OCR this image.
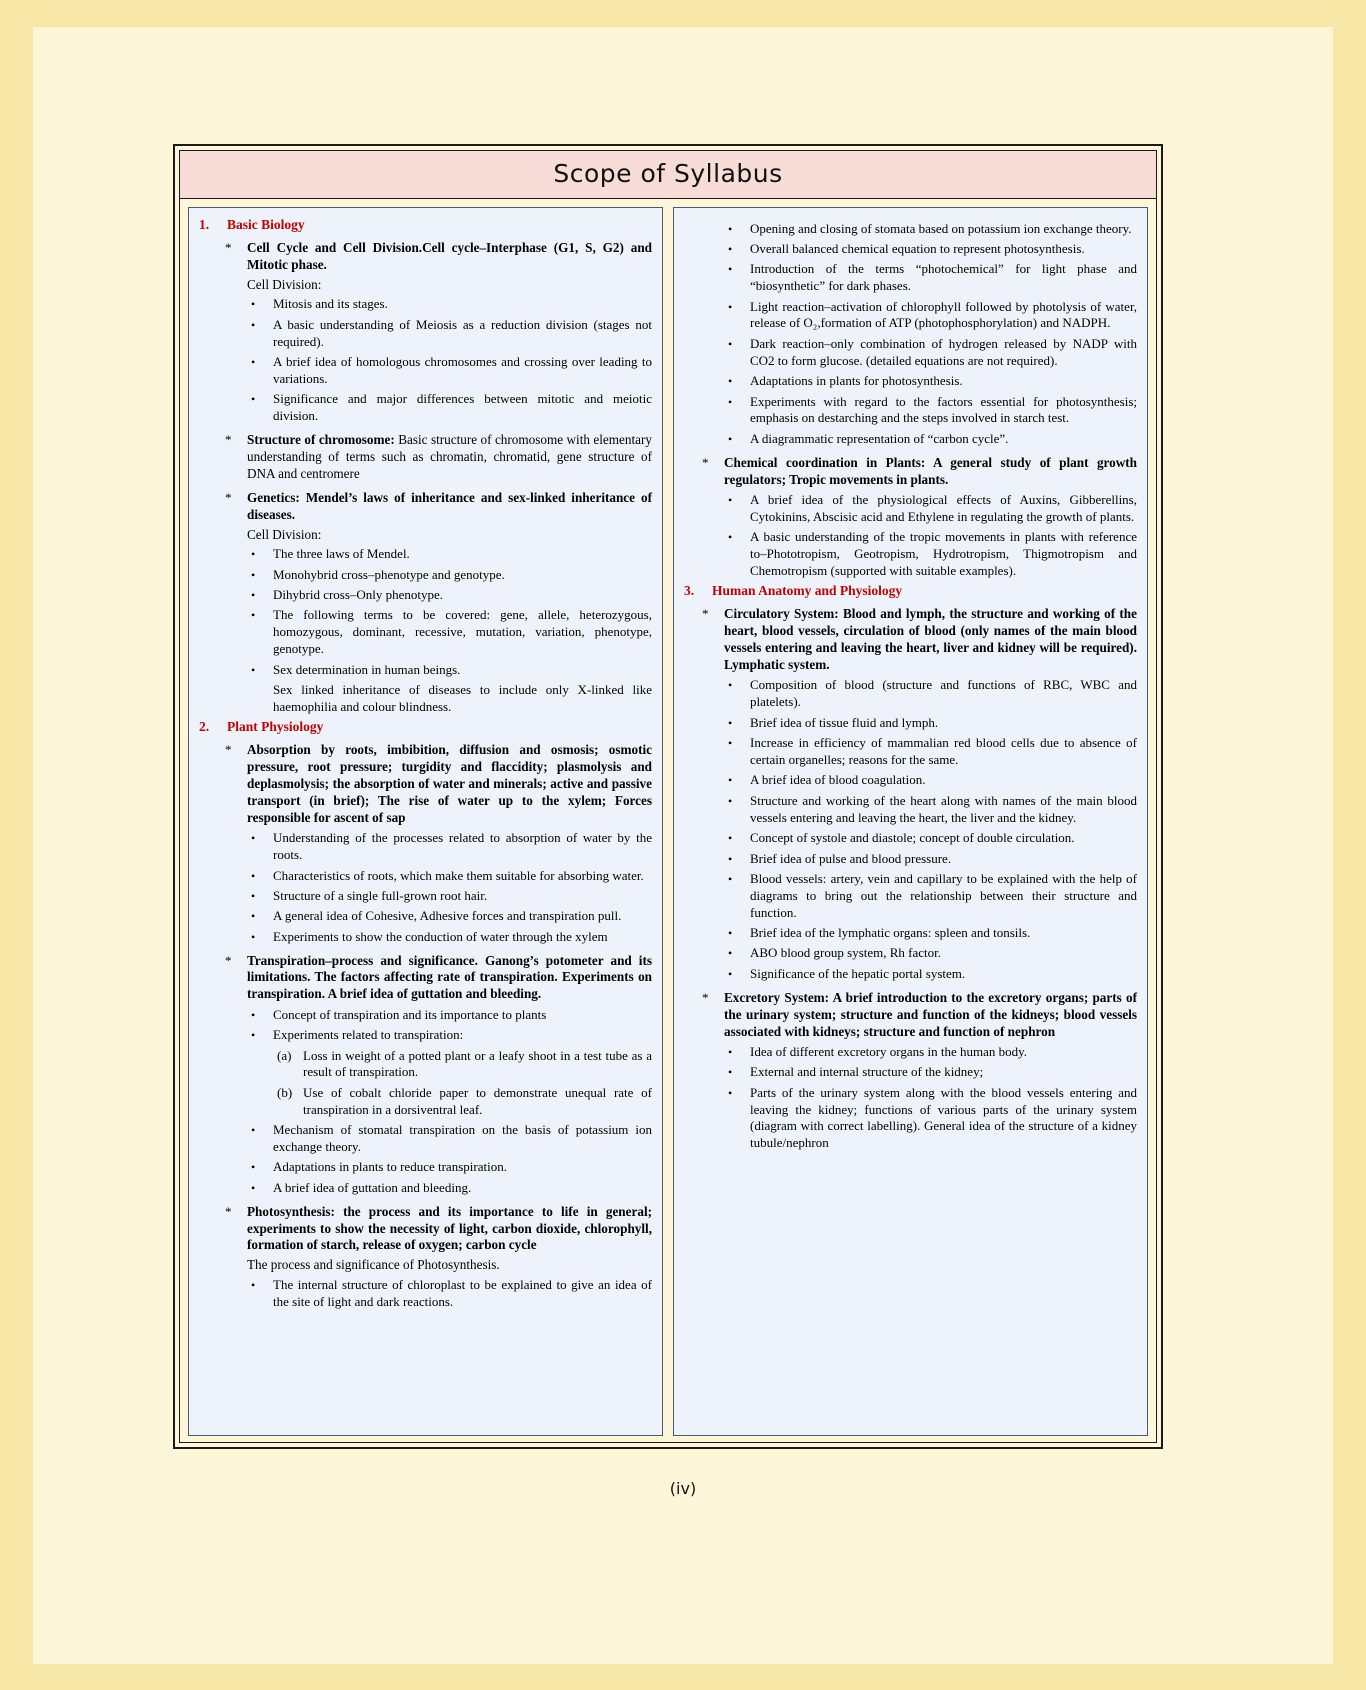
Scope of Syllabus
1.	Basic Biology
*	Cell Cycle and Cell Division.Cell cycle–Interphase (G1, S, G2) and Mitotic phase.
Cell Division:
•	Mitosis and its stages.
•	A basic understanding of Meiosis as a reduction division (stages not required).
•	A brief idea of homologous chromosomes and crossing over leading to variations.
•	Significance and major differences between mitotic and meiotic division.
*	Structure of chromosome: Basic structure of chromosome with elementary understanding of terms such as chromatin, chromatid, gene structure of DNA and centromere
*	Genetics: Mendel’s laws of inheritance and sex-linked inheritance of diseases.
Cell Division:
•	The three laws of Mendel.
•	Monohybrid cross–phenotype and genotype.
•	Dihybrid cross–Only phenotype.
•	The following terms to be covered: gene, allele, heterozygous, homozygous, dominant, recessive, mutation, variation, phenotype, genotype.
•	Sex determination in human beings.

Sex linked inheritance of diseases to include only X-linked like haemophilia and colour blindness.
2.	Plant Physiology
*	Absorption by roots, imbibition, diffusion and osmosis; osmotic pressure, root pressure; turgidity and flaccidity; plasmolysis and deplasmolysis; the absorption of water and minerals; active and passive transport (in brief); The rise of water up to the xylem; Forces responsible for ascent of sap
•	Understanding of the processes related to absorption of water by the roots.
•	Characteristics of roots, which make them suitable for absorbing water.
•	Structure of a single full-grown root hair.
•	A general idea of Cohesive, Adhesive forces and transpiration pull.
•	Experiments to show the conduction of water through the xylem
*	Transpiration–process and significance. Ganong’s potometer and its limitations. The factors affecting rate of transpiration. Experiments on transpiration. A brief idea of guttation and bleeding.
•	Concept of transpiration and its importance to plants
•	Experiments related to transpiration:
(a) Loss in weight of a potted plant or a leafy shoot in a test tube as a result of transpiration.
(b) Use of cobalt chloride paper to demonstrate unequal rate of transpiration in a dorsiventral leaf.
•	Mechanism of stomatal transpiration on the basis of potassium ion exchange theory.
•	Adaptations in plants to reduce transpiration.
•	A brief idea of guttation and bleeding.
*	Photosynthesis: the process and its importance to life in general; experiments to show the necessity of light, carbon dioxide, chlorophyll, formation of starch, release of oxygen; carbon cycle
The process and significance of Photosynthesis.
•	The internal structure of chloroplast to be explained to give an idea of the site of light and dark reactions.
•	Opening and closing of stomata based on potassium ion exchange theory.
•	Overall balanced chemical equation to represent photosynthesis.
•	Introduction of the terms “photochemical” for light phase and “biosynthetic” for dark phases.
•	Light reaction–activation of chlorophyll followed by photolysis of water, release of O₂,formation of ATP (photophosphorylation) and NADPH.
•	Dark reaction–only combination of hydrogen released by NADP with CO2 to form glucose. (detailed equations are not required).
•	Adaptations in plants for photosynthesis.
•	Experiments with regard to the factors essential for photosynthesis; emphasis on destarching and the steps involved in starch test.
•	A diagrammatic representation of “carbon cycle”.
*	Chemical coordination in Plants: A general study of plant growth regulators; Tropic movements in plants.
•	A brief idea of the physiological effects of Auxins, Gibberellins, Cytokinins, Abscisic acid and Ethylene in regulating the growth of plants.
•	A basic understanding of the tropic movements in plants with reference to–Phototropism, Geotropism, Hydrotropism, Thigmotropism and Chemotropism (supported with suitable examples).
3.	Human Anatomy and Physiology
*	Circulatory System: Blood and lymph, the structure and working of the heart, blood vessels, circulation of blood (only names of the main blood vessels entering and leaving the heart, liver and kidney will be required). Lymphatic system.
•	Composition of blood (structure and functions of RBC, WBC and platelets).
•	Brief idea of tissue fluid and lymph.
•	Increase in efficiency of mammalian red blood cells due to absence of certain organelles; reasons for the same.
•	A brief idea of blood coagulation.
•	Structure and working of the heart along with names of the main blood vessels entering and leaving the heart, the liver and the kidney.
•	Concept of systole and diastole; concept of double circulation.
•	Brief idea of pulse and blood pressure.
•	Blood vessels: artery, vein and capillary to be explained with the help of diagrams to bring out the relationship between their structure and function.
•	Brief idea of the lymphatic organs: spleen and tonsils.
•	ABO blood group system, Rh factor.
•	Significance of the hepatic portal system.
*	Excretory System: A brief introduction to the excretory organs; parts of the urinary system; structure and function of the kidneys; blood vessels associated with kidneys; structure and function of nephron
•	Idea of different excretory organs in the human body.
•	External and internal structure of the kidney;
•	Parts of the urinary system along with the blood vessels entering and leaving the kidney; functions of various parts of the urinary system (diagram with correct labelling). General idea of the structure of a kidney tubule/nephron
(iv)
